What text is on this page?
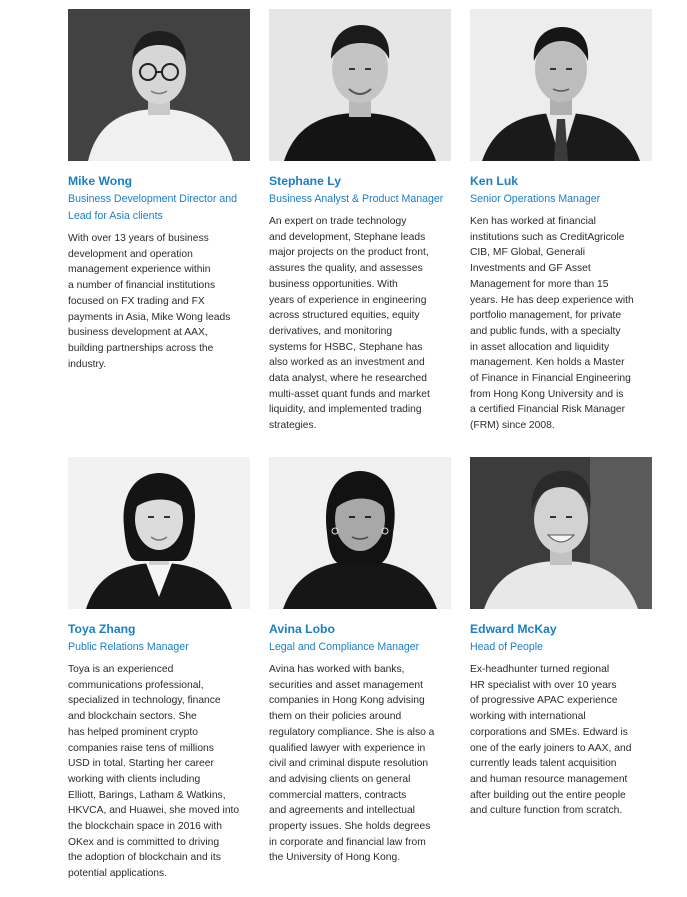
Mike Wong
Business Development Director and
Lead for Asia clients
With over 13 years of business
development and operation
management experience within
a number of financial institutions
focused on FX trading and FX
payments in Asia, Mike Wong leads
business development at AAX,
building partnerships across the
industry.
Stephane Ly
Business Analyst & Product Manager
An expert on trade technology
and development, Stephane leads
major projects on the product front,
assures the quality, and assesses
business opportunities. With
years of experience in engineering
across structured equities, equity
derivatives, and monitoring
systems for HSBC, Stephane has
also worked as an investment and
data analyst, where he researched
multi-asset quant funds and market
liquidity, and implemented trading
strategies.
Ken Luk
Senior Operations Manager
Ken has worked at financial
institutions such as CreditAgricole
CIB, MF Global, Generali
Investments and GF Asset
Management for more than 15
years. He has deep experience with
portfolio management, for private
and public funds, with a specialty
in asset allocation and liquidity
management. Ken holds a Master
of Finance in Financial Engineering
from Hong Kong University and is
a certified Financial Risk Manager
(FRM) since 2008.
Toya Zhang
Public Relations Manager
Toya is an experienced
communications professional,
specialized in technology, finance
and blockchain sectors. She
has helped prominent crypto
companies raise tens of millions
USD in total. Starting her career
working with clients including
Elliott, Barings, Latham & Watkins,
HKVCA, and Huawei, she moved into
the blockchain space in 2016 with
OKex and is committed to driving
the adoption of blockchain and its
potential applications.
Avina Lobo
Legal and Compliance Manager
Avina has worked with banks,
securities and asset management
companies in Hong Kong advising
them on their policies around
regulatory compliance. She is also a
qualified lawyer with experience in
civil and criminal dispute resolution
and advising clients on general
commercial matters, contracts
and agreements and intellectual
property issues. She holds degrees
in corporate and financial law from
the University of Hong Kong.
Edward McKay
Head of People
Ex-headhunter turned regional
HR specialist with over 10 years
of progressive APAC experience
working with international
corporations and SMEs. Edward is
one of the early joiners to AAX, and
currently leads talent acquisition
and human resource management
after building out the entire people
and culture function from scratch.
